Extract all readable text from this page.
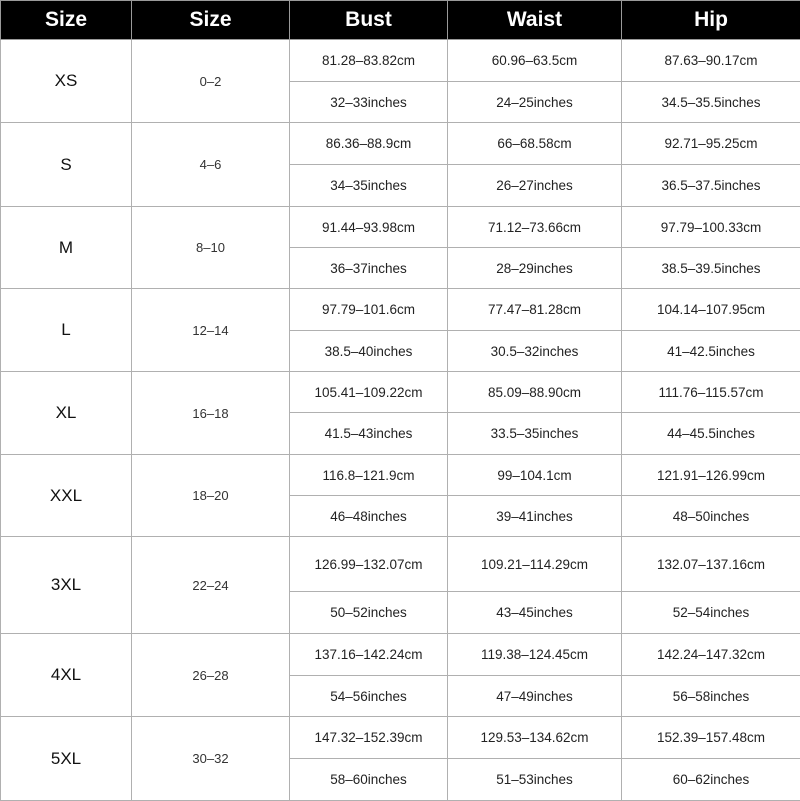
Size	Size	Bust	Waist	Hip
XS	0–2	81.28–83.82cm	60.96–63.5cm	87.63–90.17cm
		32–33inches	24–25inches	34.5–35.5inches
S	4–6	86.36–88.9cm	66–68.58cm	92.71–95.25cm
		34–35inches	26–27inches	36.5–37.5inches
M	8–10	91.44–93.98cm	71.12–73.66cm	97.79–100.33cm
		36–37inches	28–29inches	38.5–39.5inches
L	12–14	97.79–101.6cm	77.47–81.28cm	104.14–107.95cm
		38.5–40inches	30.5–32inches	41–42.5inches
XL	16–18	105.41–109.22cm	85.09–88.90cm	111.76–115.57cm
		41.5–43inches	33.5–35inches	44–45.5inches
XXL	18–20	116.8–121.9cm	99–104.1cm	121.91–126.99cm
		46–48inches	39–41inches	48–50inches
3XL	22–24	126.99–132.07cm	109.21–114.29cm	132.07–137.16cm
		50–52inches	43–45inches	52–54inches
4XL	26–28	137.16–142.24cm	119.38–124.45cm	142.24–147.32cm
		54–56inches	47–49inches	56–58inches
5XL	30–32	147.32–152.39cm	129.53–134.62cm	152.39–157.48cm
		58–60inches	51–53inches	60–62inches
